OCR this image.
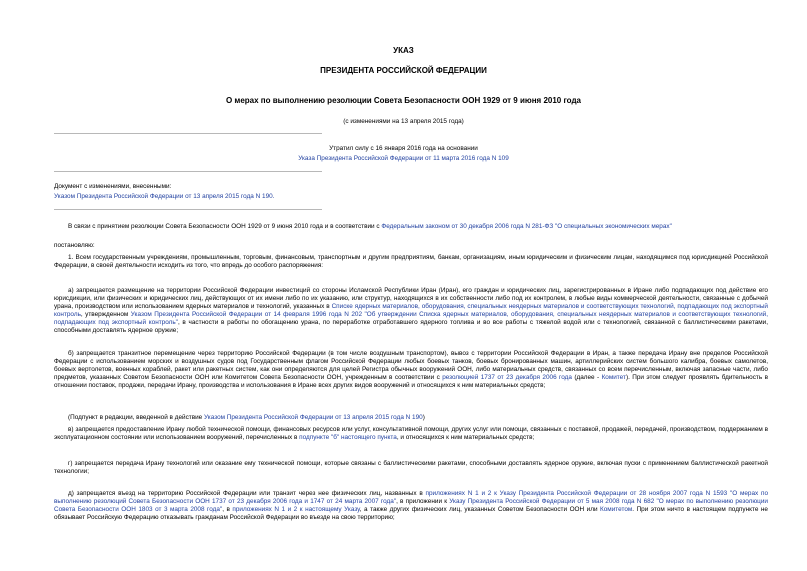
УКАЗ
ПРЕЗИДЕНТА РОССИЙСКОЙ ФЕДЕРАЦИИ
О мерах по выполнению резолюции Совета Безопасности ООН 1929 от 9 июня 2010 года
(с изменениями на 13 апреля 2015 года)
Утратил силу с 16 января 2016 года на основании
Указа Президента Российской Федерации от 11 марта 2016 года N 109
Документ с изменениями, внесенными:
Указом Президента Российской Федерации от 13 апреля 2015 года N 190.
В связи с принятием резолюции Совета Безопасности ООН 1929 от 9 июня 2010 года и в соответствии с Федеральным законом от 30 декабря 2006 года N 281-ФЗ "О специальных экономических мерах"
постановляю:
1. Всем государственным учреждениям, промышленным, торговым, финансовым, транспортным и другим предприятиям, банкам, организациям, иным юридическим и физическим лицам, находящимся под юрисдикцией Российской Федерации, в своей деятельности исходить из того, что впредь до особого распоряжения:
а) запрещается размещение на территории Российской Федерации инвестиций со стороны Исламской Республики Иран (Иран), его граждан и юридических лиц, зарегистрированных в Иране либо подпадающих под действие его юрисдикции, или физических и юридических лиц, действующих от их имени либо по их указанию, или структур, находящихся в их собственности либо под их контролем, в любые виды коммерческой деятельности, связанные с добычей урана, производством или использованием ядерных материалов и технологий, указанных в Списке ядерных материалов, оборудования, специальных неядерных материалов и соответствующих технологий, подпадающих под экспортный контроль, утвержденном Указом Президента Российской Федерации от 14 февраля 1996 года N 202 "Об утверждении Списка ядерных материалов, оборудования, специальных неядерных материалов и соответствующих технологий, подпадающих под экспортный контроль", в частности в работы по обогащению урана, по переработке отработавшего ядерного топлива и во все работы с тяжелой водой или с технологией, связанной с баллистическими ракетами, способными доставлять ядерное оружие;
б) запрещается транзитное перемещение через территорию Российской Федерации (в том числе воздушным транспортом), вывоз с территории Российской Федерации в Иран, а также передача Ирану вне пределов Российской Федерации с использованием морских и воздушных судов под Государственным флагом Российской Федерации любых боевых танков, боевых бронированных машин, артиллерийских систем большого калибра, боевых самолетов, боевых вертолетов, военных кораблей, ракет или ракетных систем, как они определяются для целей Регистра обычных вооружений ООН, либо материальных средств, связанных со всем перечисленным, включая запасные части, либо предметов, указанных Советом Безопасности ООН или Комитетом Совета Безопасности ООН, учрежденным в соответствии с резолюцией 1737 от 23 декабря 2006 года (далее - Комитет). При этом следует проявлять бдительность в отношении поставок, продажи, передачи Ирану, производства и использования в Иране всех других видов вооружений и относящихся к ним материальных средств;
(Подпункт в редакции, введенной в действие Указом Президента Российской Федерации от 13 апреля 2015 года N 190)
в) запрещается предоставление Ирану любой технической помощи, финансовых ресурсов или услуг, консультативной помощи, других услуг или помощи, связанных с поставкой, продажей, передачей, производством, поддержанием в эксплуатационном состоянии или использованием вооружений, перечисленных в подпункте "б" настоящего пункта, и относящихся к ним материальных средств;
г) запрещается передача Ирану технологий или оказание ему технической помощи, которые связаны с баллистическими ракетами, способными доставлять ядерное оружие, включая пуски с применением баллистической ракетной технологии;
д) запрещается въезд на территорию Российской Федерации или транзит через нее физических лиц, названных в приложениях N 1 и 2 к Указу Президента Российской Федерации от 28 ноября 2007 года N 1593 "О мерах по выполнению резолюций Совета Безопасности ООН 1737 от 23 декабря 2006 года и 1747 от 24 марта 2007 года", в приложении к Указу Президента Российской Федерации от 5 мая 2008 года N 682 "О мерах по выполнению резолюции Совета Безопасности ООН 1803 от 3 марта 2008 года", в приложениях N 1 и 2 к настоящему Указу, а также других физических лиц, указанных Советом Безопасности ООН или Комитетом. При этом ничто в настоящем подпункте не обязывает Российскую Федерацию отказывать гражданам Российской Федерации во въезде на свою территорию;
